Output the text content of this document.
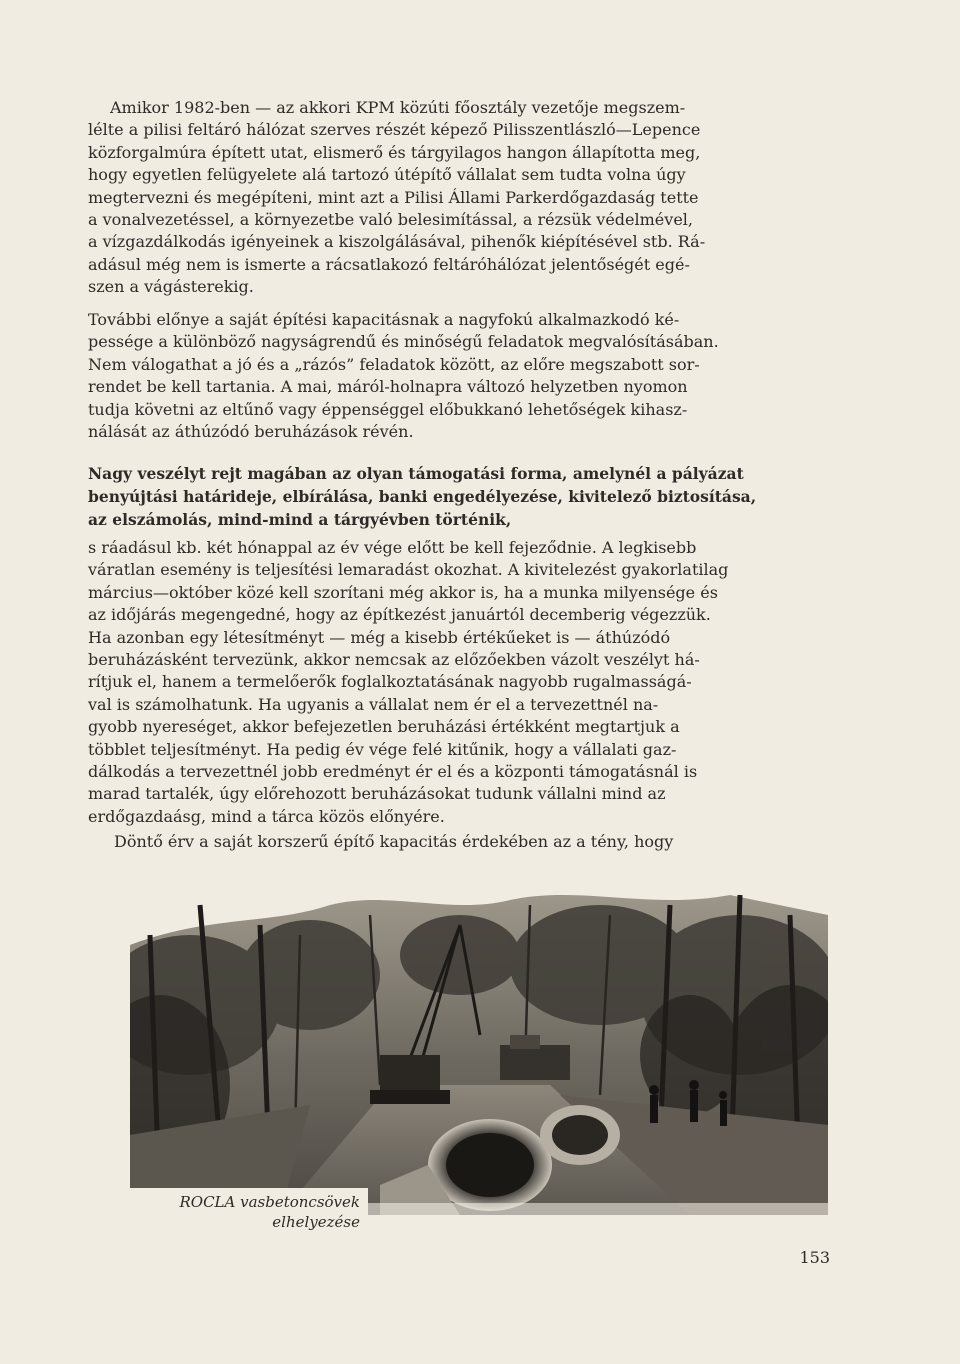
Amikor 1982-ben — az akkori KPM közúti főosztály vezetője megszem-
lélte a pilisi feltáró hálózat szerves részét képező Pilisszentlászló—Lepence
közforgalmúra épített utat, elismerő és tárgyilagos hangon állapította meg,
hogy egyetlen felügyelete alá tartozó útépítő vállalat sem tudta volna úgy
megtervezni és megépíteni, mint azt a Pilisi Állami Parkerdőgazdaság tette
a vonalvezetéssel, a környezetbe való belesimítással, a rézsük védelmével,
a vízgazdálkodás igényeinek a kiszolgálásával, pihenők kiépítésével stb. Rá-
adásul még nem is ismerte a rácsatlakozó feltáróhálózat jelentőségét egé-
szen a vágásterekig.

További előnye a saját építési kapacitásnak a nagyfokú alkalmazkodó ké-
pessége a különböző nagyságrendű és minőségű feladatok megvalósításában.
Nem válogathat a jó és a „rázós” feladatok között, az előre megszabott sor-
rendet be kell tartania. A mai, máról-holnapra változó helyzetben nyomon
tudja követni az eltűnő vagy éppenséggel előbukkanó lehetőségek kihasz-
nálását az áthúzódó beruházások révén.

Nagy veszélyt rejt magában az olyan támogatási forma, amelynél a pályázat
benyújtási határideje, elbírálása, banki engedélyezése, kivitelező biztosítása,
az elszámolás, mind-mind a tárgyévben történik,

s ráadásul kb. két hónappal az év vége előtt be kell fejeződnie. A legkisebb
váratlan esemény is teljesítési lemaradást okozhat. A kivitelezést gyakorlatilag
március—október közé kell szorítani még akkor is, ha a munka milyensége és
az időjárás megengedné, hogy az építkezést januártól decemberig végezzük.
Ha azonban egy létesítményt — még a kisebb értékűeket is — áthúzódó
beruházásként tervezünk, akkor nemcsak az előzőekben vázolt veszélyt há-
rítjuk el, hanem a termelőerők foglalkoztatásának nagyobb rugalmasságá-
val is számolhatunk. Ha ugyanis a vállalat nem ér el a tervezettnél na-
gyobb nyereséget, akkor befejezetlen beruházási értékként megtartjuk a
többlet teljesítményt. Ha pedig év vége felé kitűnik, hogy a vállalati gaz-
dálkodás a tervezettnél jobb eredményt ér el és a központi támogatásnál is
marad tartalék, úgy előrehozott beruházásokat tudunk vállalni mind az
erdőgazdaásg, mind a tárca közös előnyére.

Döntő érv a saját korszerű építő kapacitás érdekében az a tény, hogy

ROCLA vasbetoncsövek
elhelyezése
153
